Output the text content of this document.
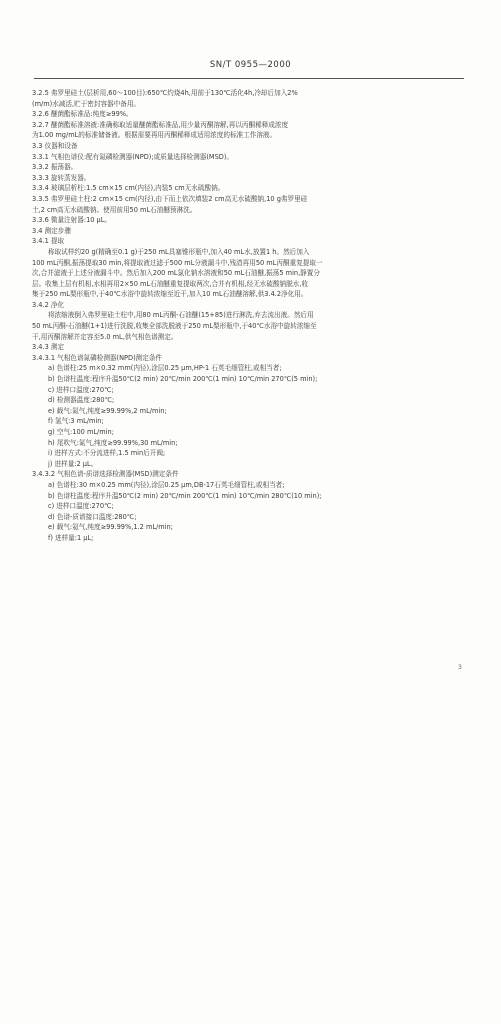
SN/T 0955—2000
3.2.5 弗罗里硅土(层析用,60～100目):650℃灼烧4h,用前于130℃活化4h,冷却后加入2%
(m/m)水减活,贮于密封容器中备用。
3.2.6 醚菌酯标准品:纯度≥99%。
3.2.7 醚菌酯标准溶液:准确称取适量醚菌酯标准品,用少量丙酮溶解,再以丙酮稀释成浓度
为1.00 mg/mL的标准储备液。根据需要再用丙酮稀释成适用浓度的标准工作溶液。
3.3 仪器和设备
3.3.1 气相色谱仪:配有氮磷检测器(NPD);或质量选择检测器(MSD)。
3.3.2 振荡器。
3.3.3 旋转蒸发器。
3.3.4 玻璃层析柱:1.5 cm×15 cm(内径),内装5 cm无水硫酸钠。
3.3.5 弗罗里硅土柱:2 cm×15 cm(内径),由下而上依次填装2 cm高无水硫酸钠,10 g弗罗里硅
土,2 cm高无水硫酸钠。使用前用50 mL石油醚预淋洗。
3.3.6 微量注射器:10 μL。
3.4 测定步骤
3.4.1 提取
称取试样约20 g(精确至0.1 g)于250 mL具塞锥形瓶中,加入40 mL水,放置1 h。然后加入
100 mL丙酮,振荡提取30 min,将提取液过滤于500 mL分液漏斗中,残渣再用50 mL丙酮重复提取一
次,合并滤液于上述分液漏斗中。然后加入200 mL氯化钠水溶液和50 mL石油醚,振荡5 min,静置分
层。收集上层有机相,水相再用2×50 mL石油醚重复提取两次,合并有机相,经无水硫酸钠脱水,收
集于250 mL梨形瓶中,于40℃水浴中旋转浓缩至近干,加入10 mL石油醚溶解,供3.4.2净化用。
3.4.2 净化
将浓缩液倒入弗罗里硅土柱中,用80 mL丙酮-石油醚(15+85)进行淋洗,弃去流出液。然后用
50 mL丙酮-石油醚(1+1)进行洗脱,收集全部洗脱液于250 mL梨形瓶中,于40℃水浴中旋转浓缩至
干,用丙酮溶解并定容至5.0 mL,供气相色谱测定。
3.4.3 测定
3.4.3.1 气相色谱氮磷检测器(NPD)测定条件
a) 色谱柱:25 m×0.32 mm(内径),涂层0.25 μm,HP-1 石英毛细管柱,或相当者;
b) 色谱柱温度:程序升温50℃(2 min) 20℃/min 200℃(1 min) 10℃/min 270℃(5 min);
c) 进样口温度:270℃;
d) 检测器温度:280℃;
e) 载气:氮气,纯度≥99.99%,2 mL/min;
f) 氢气:3 mL/min;
g) 空气:100 mL/min;
h) 尾吹气:氮气,纯度≥99.99%,30 mL/min;
i) 进样方式:不分流进样,1.5 min后开阀;
j) 进样量:2 μL。
3.4.3.2 气相色谱-质谱选择检测器(MSD)测定条件
a) 色谱柱:30 m×0.25 mm(内径),涂层0.25 μm,DB-17石英毛细管柱,或相当者;
b) 色谱柱温度:程序升温50℃(2 min) 20℃/min 200℃(1 min) 10℃/min 280℃(10 min);
c) 进样口温度:270℃;
d) 色谱-质谱接口温度:280℃;
e) 载气:氦气,纯度≥99.99%,1.2 mL/min;
f) 进样量:1 μL;
3
